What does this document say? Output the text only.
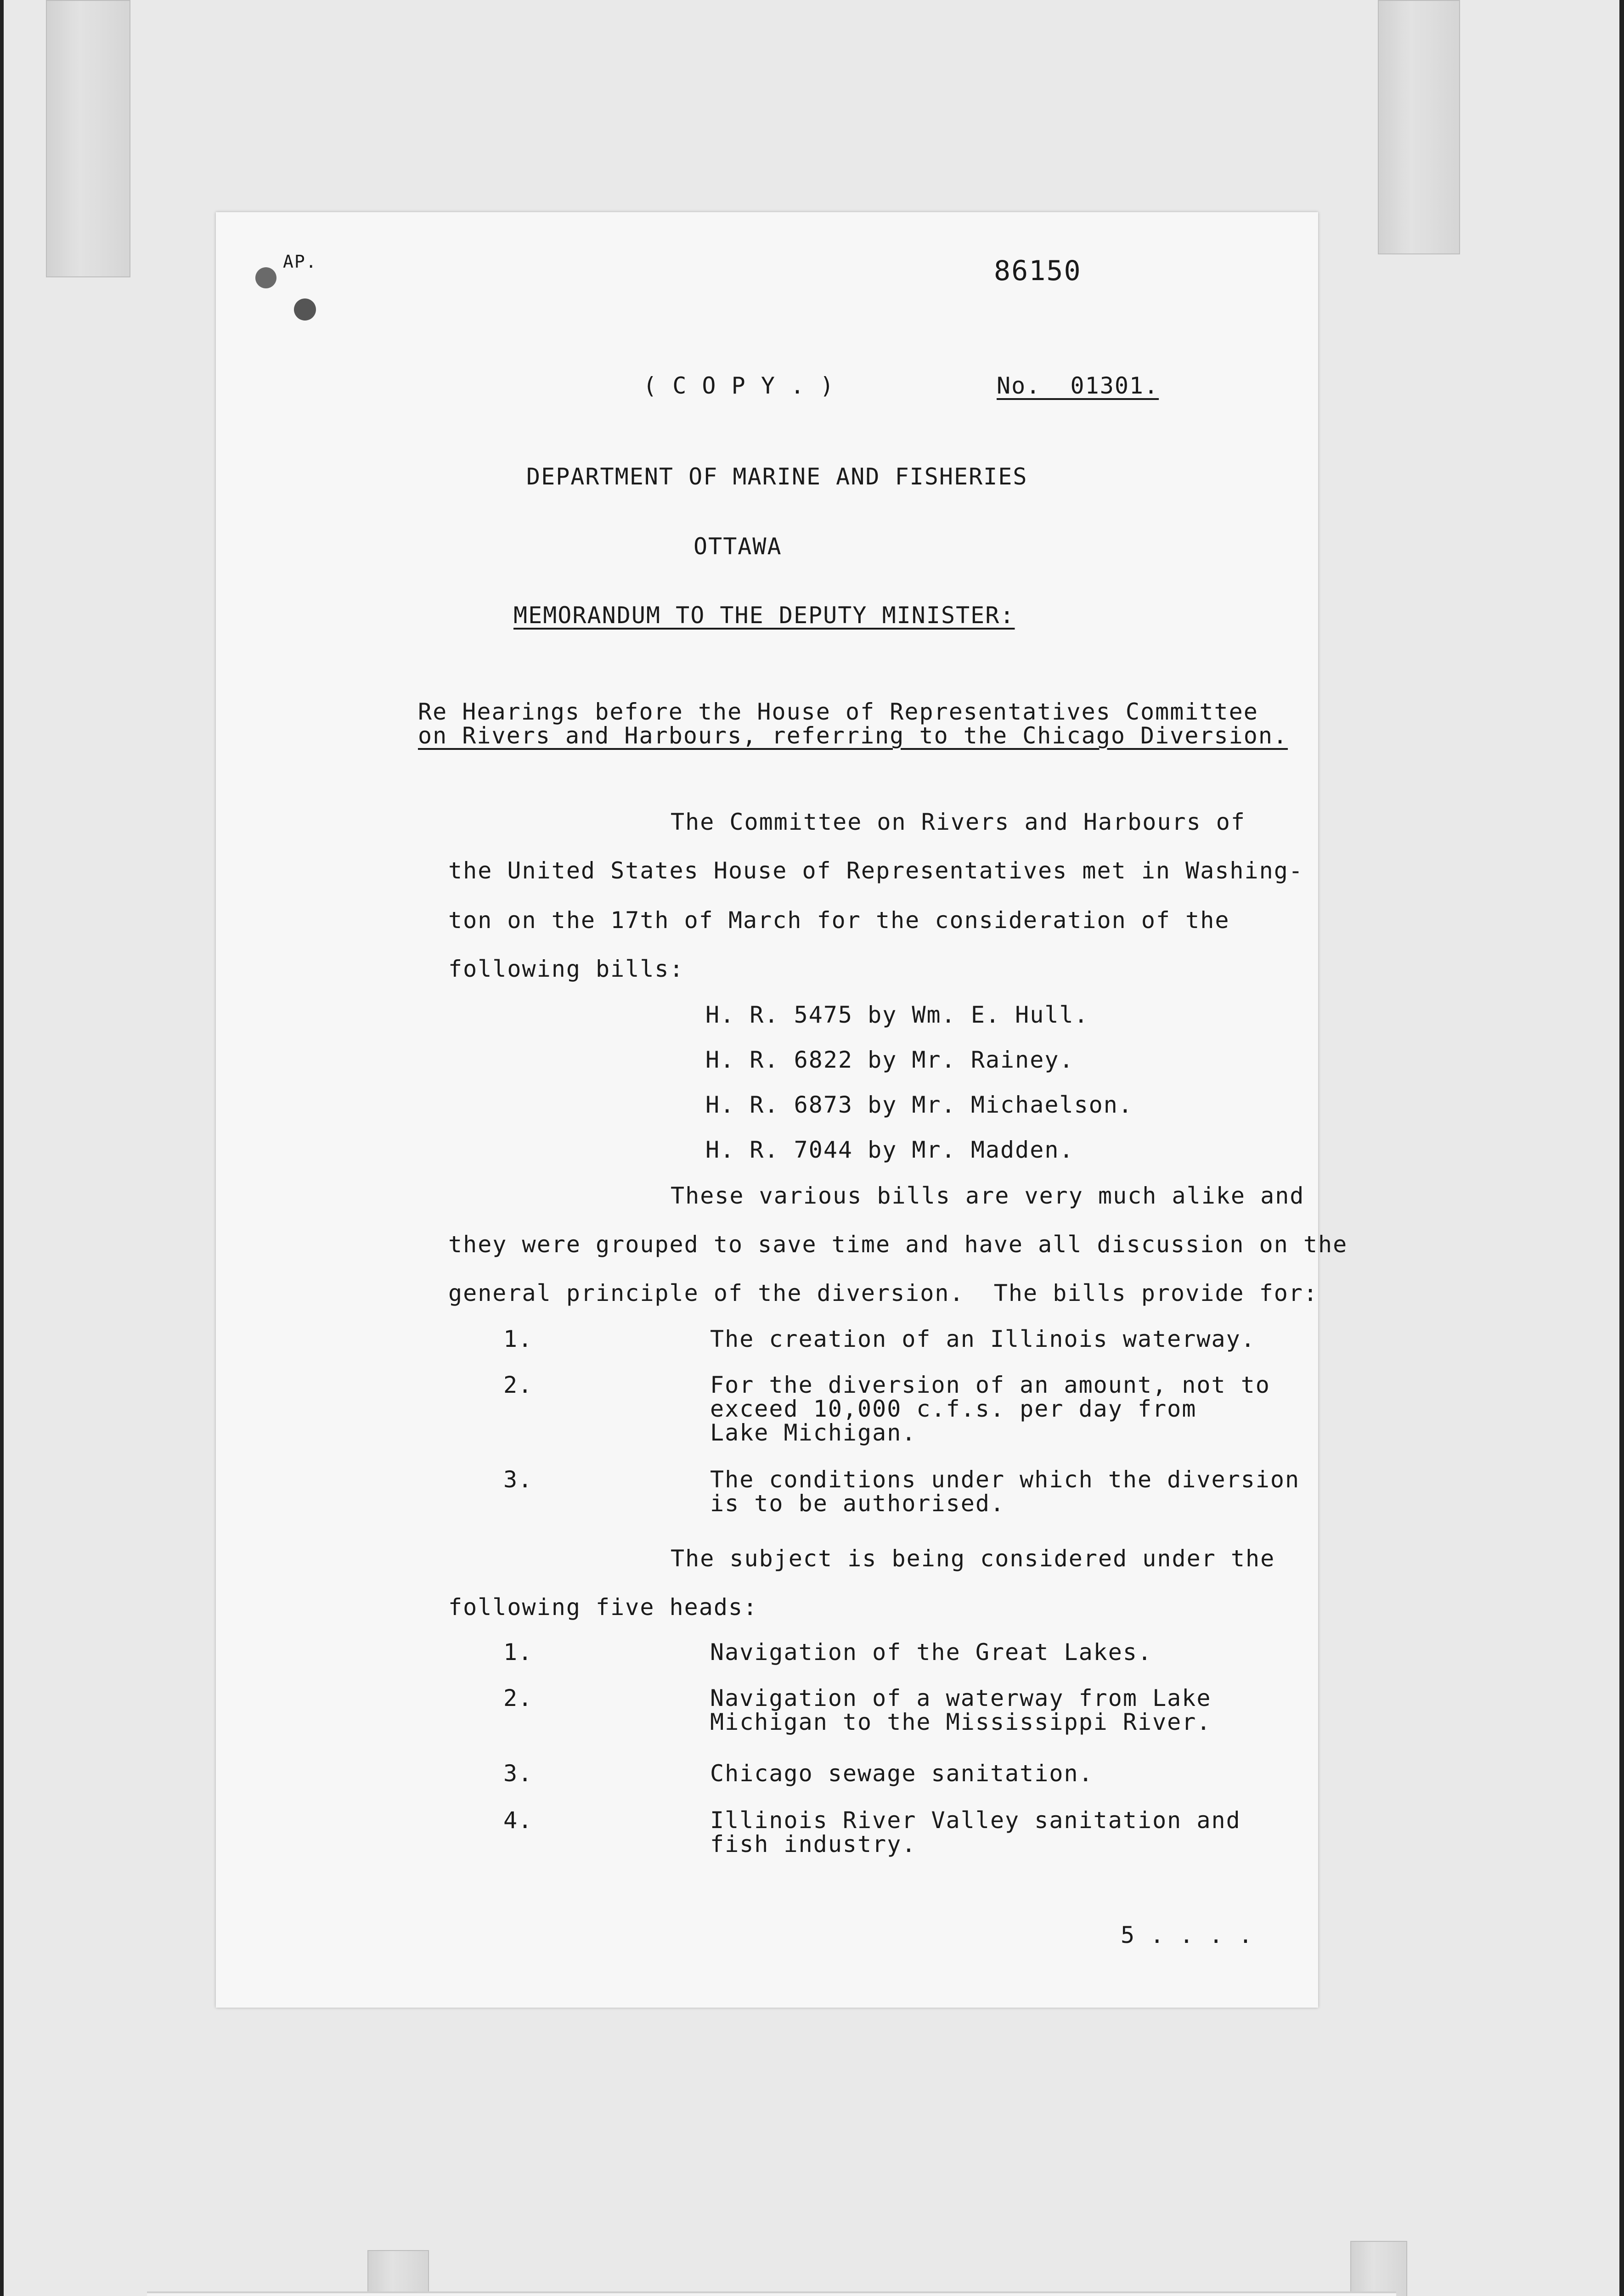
AP.	86150
( C O P Y . )	No.  01301.
DEPARTMENT OF MARINE AND FISHERIES
OTTAWA
MEMORANDUM TO THE DEPUTY MINISTER:
Re Hearings before the House of Representatives Committee
on Rivers and Harbours, referring to the Chicago Diversion.
The Committee on Rivers and Harbours of
the United States House of Representatives met in Washing-
ton on the 17th of March for the consideration of the
following bills:
H. R. 5475 by Wm. E. Hull.
H. R. 6822 by Mr. Rainey.
H. R. 6873 by Mr. Michaelson.
H. R. 7044 by Mr. Madden.
These various bills are very much alike and
they were grouped to save time and have all discussion on the
general principle of the diversion.  The bills provide for:
1.	The creation of an Illinois waterway.
2.	For the diversion of an amount, not to
exceed 10,000 c.f.s. per day from
Lake Michigan.
3.	The conditions under which the diversion
is to be authorised.
The subject is being considered under the
following five heads:
1.	Navigation of the Great Lakes.
2.	Navigation of a waterway from Lake
Michigan to the Mississippi River.
3.	Chicago sewage sanitation.
4.	Illinois River Valley sanitation and
fish industry.
5 . . . .
